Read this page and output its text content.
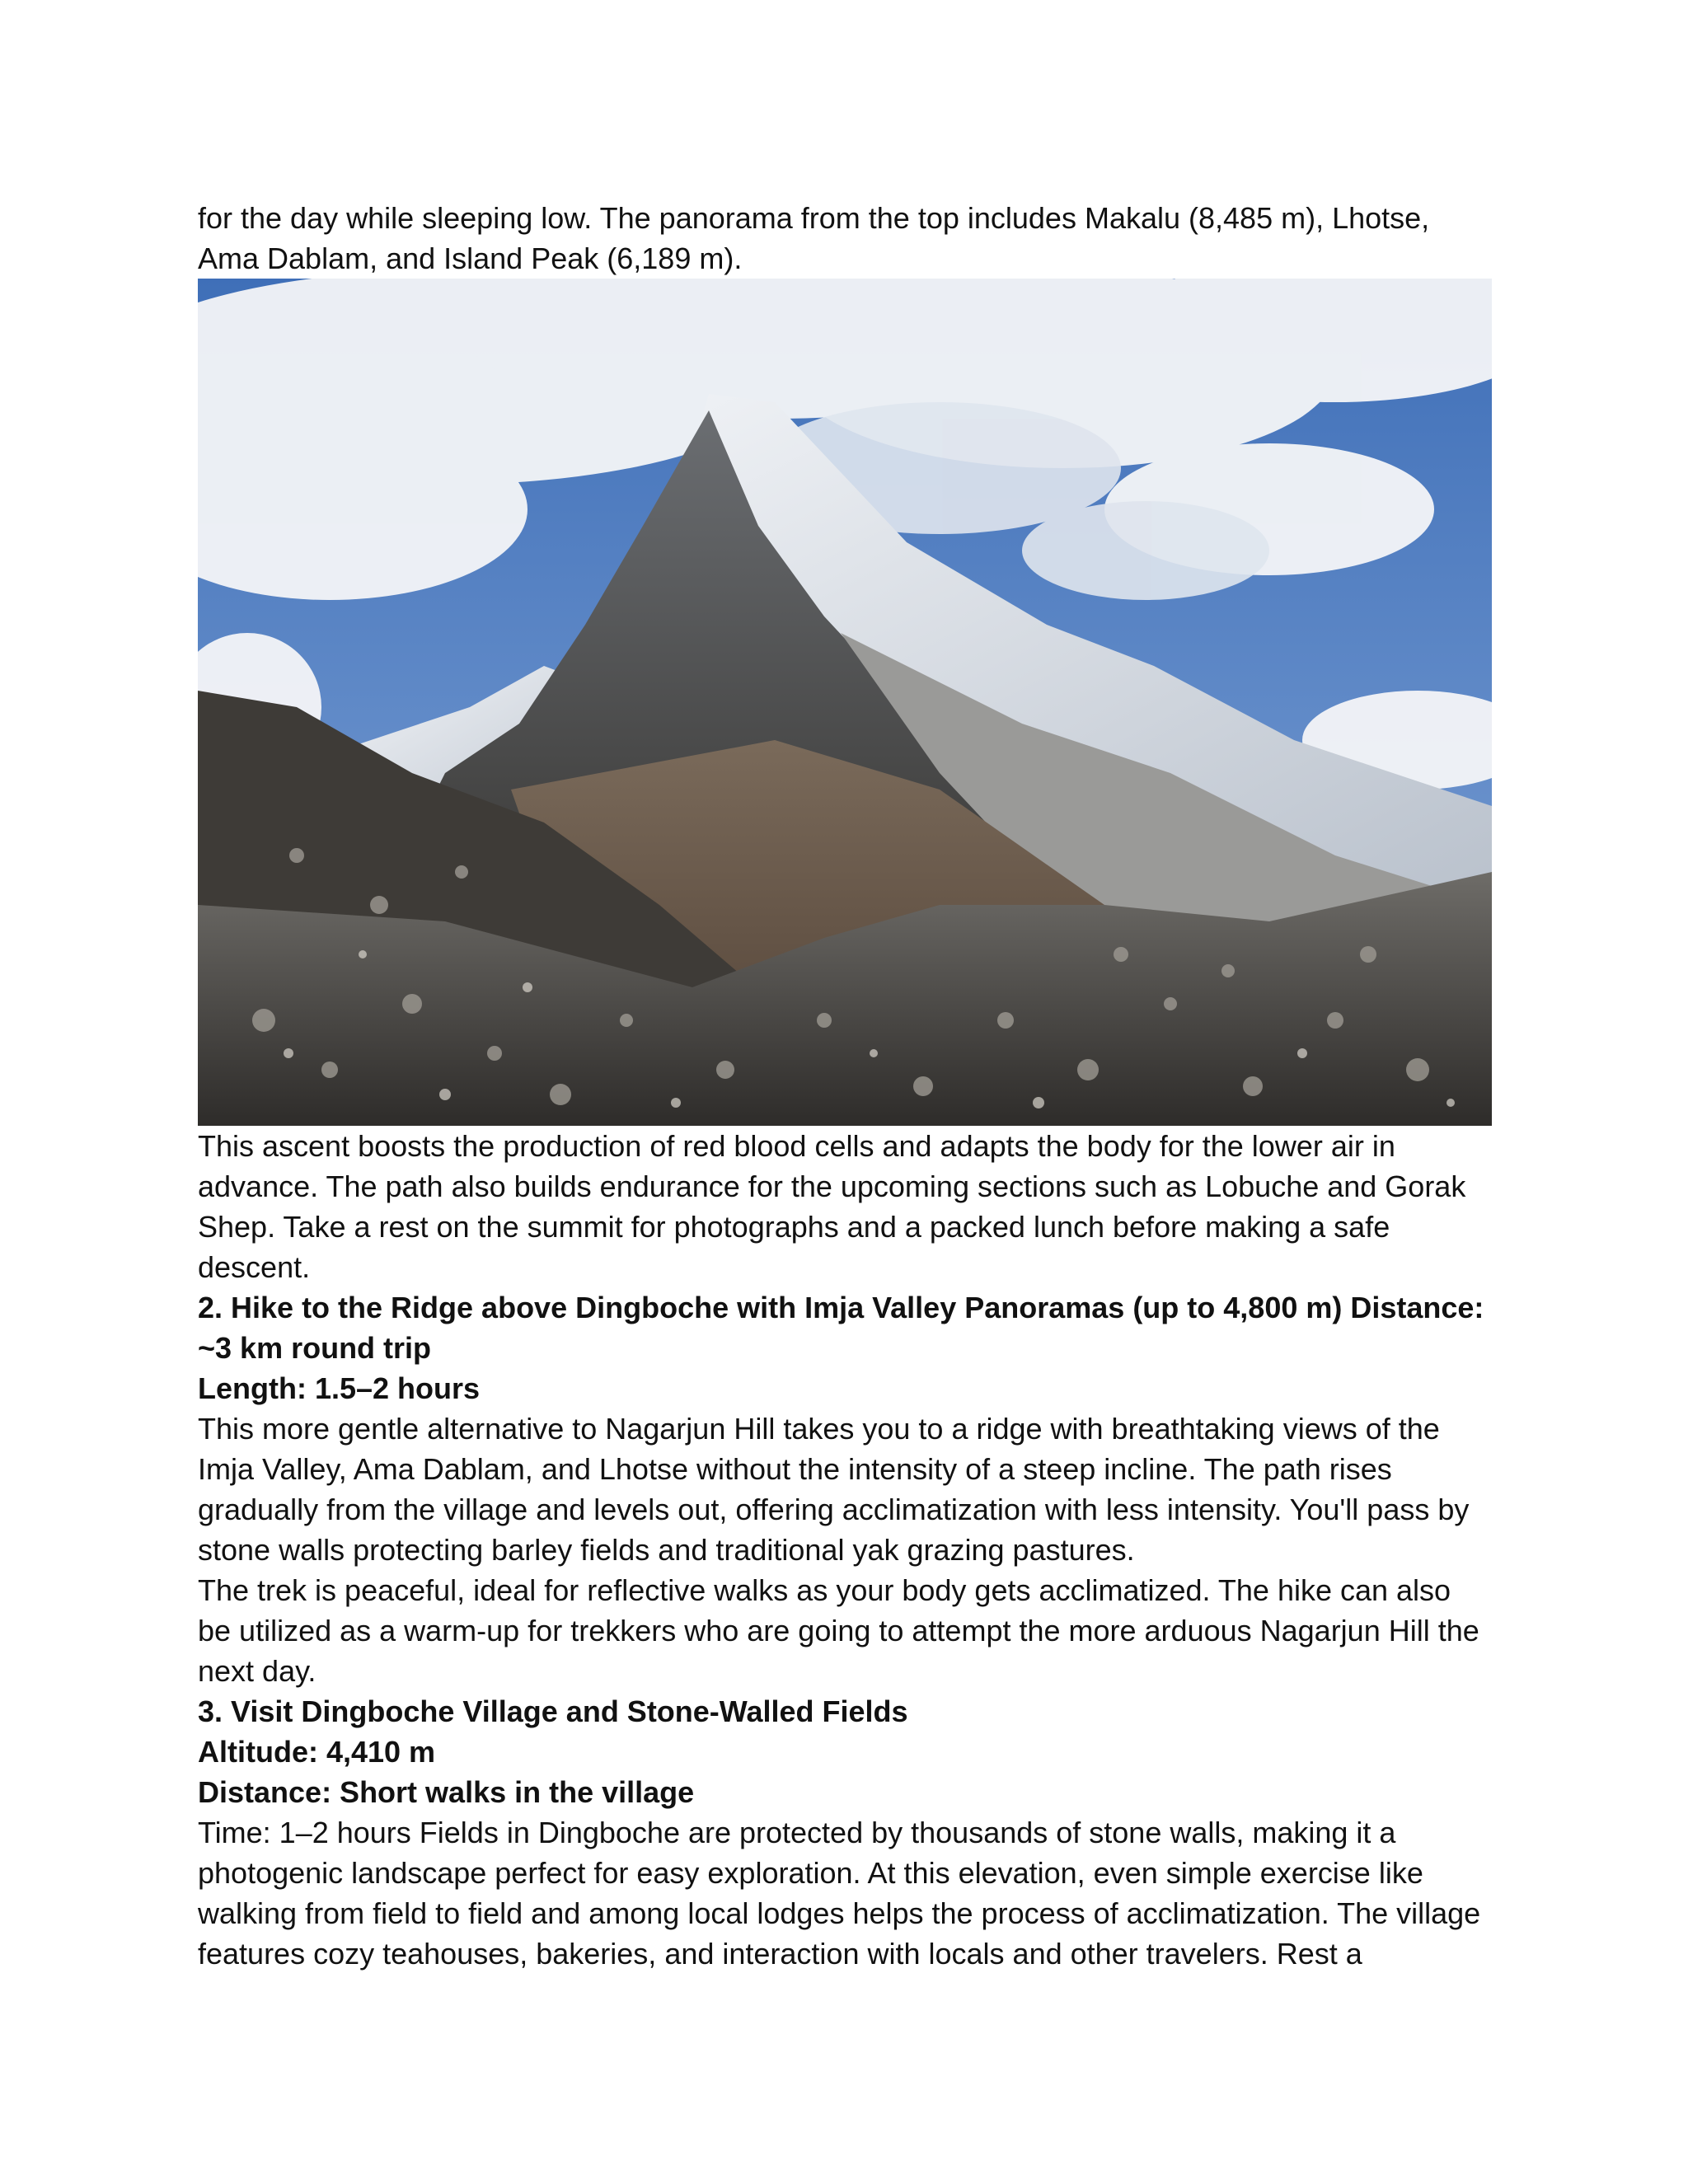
for the day while sleeping low. The panorama from the top includes Makalu (8,485 m), Lhotse, Ama Dablam, and Island Peak (6,189 m).

This ascent boosts the production of red blood cells and adapts the body for the lower air in advance. The path also builds endurance for the upcoming sections such as Lobuche and Gorak Shep. Take a rest on the summit for photographs and a packed lunch before making a safe descent.

2. Hike to the Ridge above Dingboche with Imja Valley Panoramas (up to 4,800 m) Distance: ~3 km round trip

Length: 1.5–2 hours

This more gentle alternative to Nagarjun Hill takes you to a ridge with breathtaking views of the Imja Valley, Ama Dablam, and Lhotse without the intensity of a steep incline. The path rises gradually from the village and levels out, offering acclimatization with less intensity. You'll pass by stone walls protecting barley fields and traditional yak grazing pastures.

The trek is peaceful, ideal for reflective walks as your body gets acclimatized. The hike can also be utilized as a warm-up for trekkers who are going to attempt the more arduous Nagarjun Hill the next day.

3. Visit Dingboche Village and Stone-Walled Fields

Altitude: 4,410 m

Distance: Short walks in the village

Time: 1–2 hours Fields in Dingboche are protected by thousands of stone walls, making it a photogenic landscape perfect for easy exploration. At this elevation, even simple exercise like walking from field to field and among local lodges helps the process of acclimatization. The village features cozy teahouses, bakeries, and interaction with locals and other travelers. Rest a
